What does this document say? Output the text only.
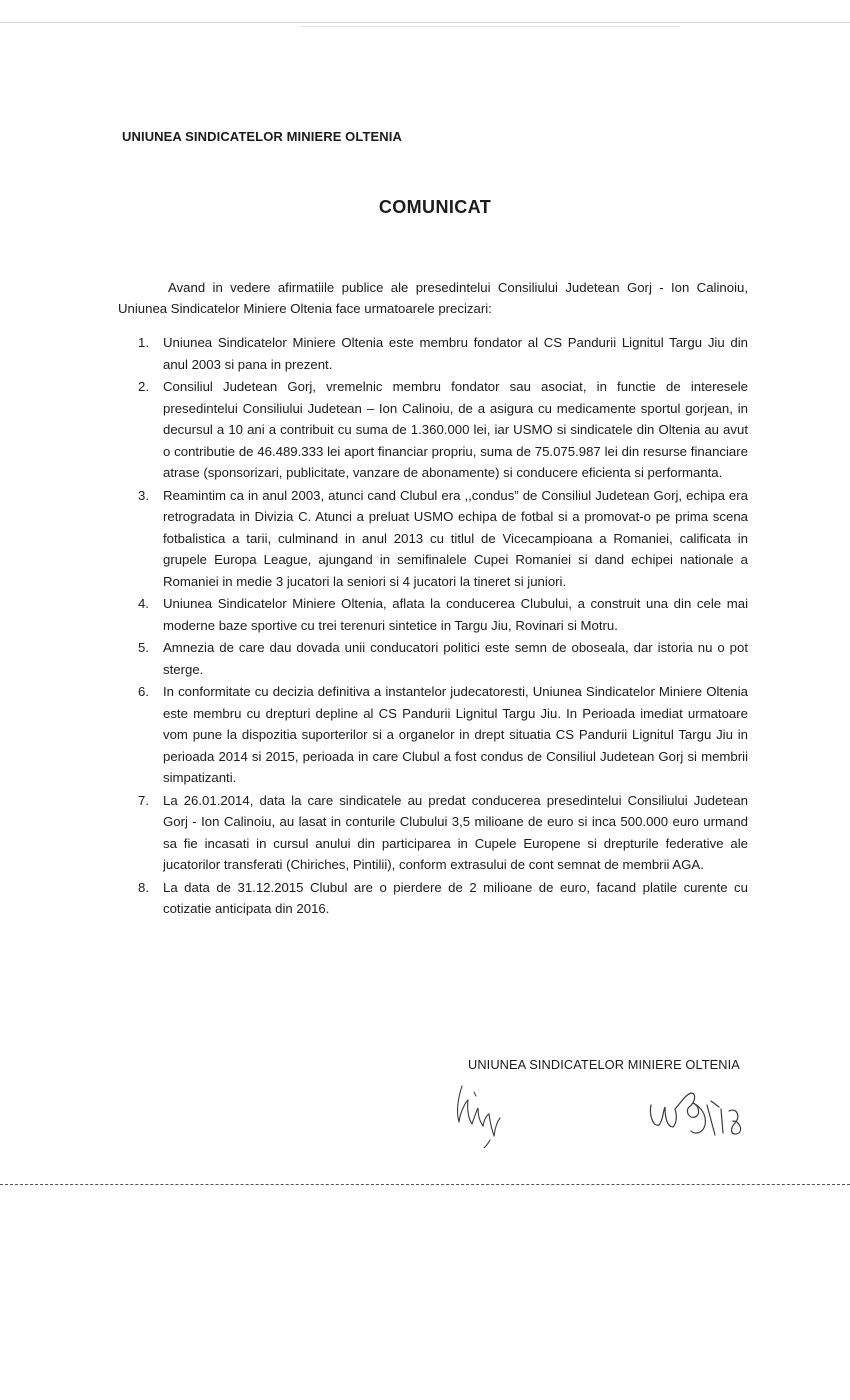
UNIUNEA SINDICATELOR MINIERE OLTENIA
COMUNICAT

Avand in vedere afirmatiile publice ale presedintelui Consiliului Judetean Gorj - Ion Calinoiu, Uniunea Sindicatelor Miniere Oltenia face urmatoarele precizari:

1. Uniunea Sindicatelor Miniere Oltenia este membru fondator al CS Pandurii Lignitul Targu Jiu din anul 2003 si pana in prezent.
2. Consiliul Judetean Gorj, vremelnic membru fondator sau asociat, in functie de interesele presedintelui Consiliului Judetean – Ion Calinoiu, de a asigura cu medicamente sportul gorjean, in decursul a 10 ani a contribuit cu suma de 1.360.000 lei, iar USMO si sindicatele din Oltenia au avut o contributie de 46.489.333 lei aport financiar propriu, suma de 75.075.987 lei din resurse financiare atrase (sponsorizari, publicitate, vanzare de abonamente) si conducere eficienta si performanta.
3. Reamintim ca in anul 2003, atunci cand Clubul era ,,condus” de Consiliul Judetean Gorj, echipa era retrogradata in Divizia C. Atunci a preluat USMO echipa de fotbal si a promovat-o pe prima scena fotbalistica a tarii, culminand in anul 2013 cu titlul de Vicecampioana a Romaniei, calificata in grupele Europa League, ajungand in semifinalele Cupei Romaniei si dand echipei nationale a Romaniei in medie 3 jucatori la seniori si 4 jucatori la tineret si juniori.
4. Uniunea Sindicatelor Miniere Oltenia, aflata la conducerea Clubului, a construit una din cele mai moderne baze sportive cu trei terenuri sintetice in Targu Jiu, Rovinari si Motru.
5. Amnezia de care dau dovada unii conducatori politici este semn de oboseala, dar istoria nu o pot sterge.
6. In conformitate cu decizia definitiva a instantelor judecatoresti, Uniunea Sindicatelor Miniere Oltenia este membru cu drepturi depline al CS Pandurii Lignitul Targu Jiu. In Perioada imediat urmatoare vom pune la dispozitia suporterilor si a organelor in drept situatia CS Pandurii Lignitul Targu Jiu in perioada 2014 si 2015, perioada in care Clubul a fost condus de Consiliul Judetean Gorj si membrii simpatizanti.
7. La 26.01.2014, data la care sindicatele au predat conducerea presedintelui Consiliului Judetean Gorj - Ion Calinoiu, au lasat in conturile Clubului 3,5 milioane de euro si inca 500.000 euro urmand sa fie incasati in cursul anului din participarea in Cupele Europene si drepturile federative ale jucatorilor transferati (Chiriches, Pintilii), conform extrasului de cont semnat de membrii AGA.
8. La data de 31.12.2015 Clubul are o pierdere de 2 milioane de euro, facand platile curente cu cotizatie anticipata din 2016.
UNIUNEA SINDICATELOR MINIERE OLTENIA
